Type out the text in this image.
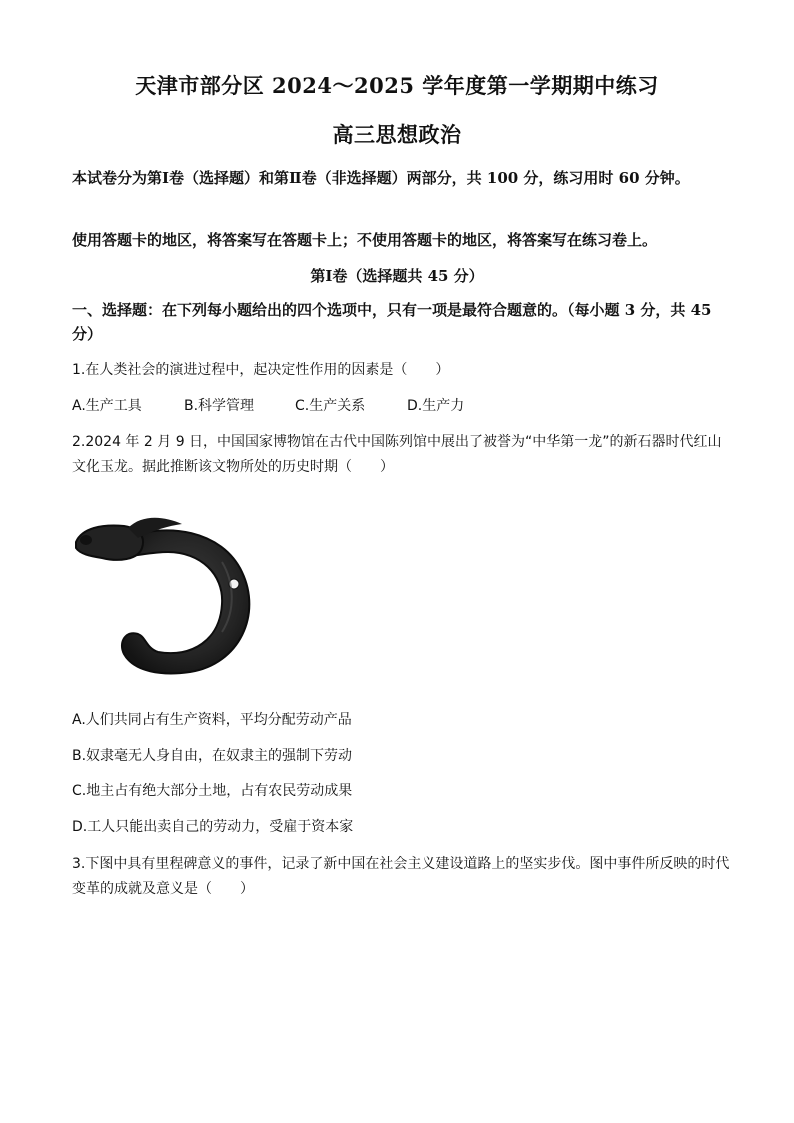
天津市部分区 2024～2025 学年度第一学期期中练习
高三思想政治
本试卷分为第Ⅰ卷（选择题）和第Ⅱ卷（非选择题）两部分，共 100 分，练习用时 60 分钟。
使用答题卡的地区，将答案写在答题卡上；不使用答题卡的地区，将答案写在练习卷上。
第Ⅰ卷（选择题共 45 分）
一、选择题：在下列每小题给出的四个选项中，只有一项是最符合题意的。（每小题 3 分，共 45 分）
1.在人类社会的演进过程中，起决定性作用的因素是（　　）
A.生产工具	B.科学管理	C.生产关系	D.生产力
2.2024 年 2 月 9 日，中国国家博物馆在古代中国陈列馆中展出了被誉为“中华第一龙”的新石器时代红山文化玉龙。据此推断该文物所处的历史时期（　　）
A.人们共同占有生产资料，平均分配劳动产品
B.奴隶毫无人身自由，在奴隶主的强制下劳动
C.地主占有绝大部分土地，占有农民劳动成果
D.工人只能出卖自己的劳动力，受雇于资本家
3.下图中具有里程碑意义的事件，记录了新中国在社会主义建设道路上的坚实步伐。图中事件所反映的时代变革的成就及意义是（　　）
